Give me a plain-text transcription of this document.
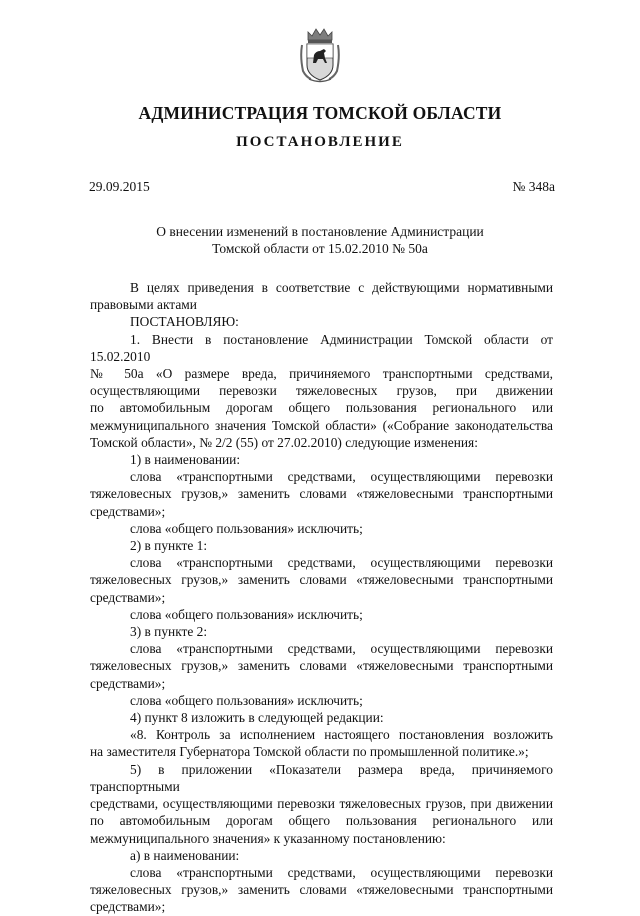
АДМИНИСТРАЦИЯ ТОМСКОЙ ОБЛАСТИ
ПОСТАНОВЛЕНИЕ
29.09.2015	№ 348а
О внесении изменений в постановление Администрации
Томской области от 15.02.2010 № 50а
В целях приведения в соответствие с действующими нормативными
правовыми актами
ПОСТАНОВЛЯЮ:
1. Внести в постановление Администрации Томской области от 15.02.2010
№ 50а «О размере вреда, причиняемого транспортными средствами,
осуществляющими перевозки тяжеловесных грузов, при движении
по автомобильным дорогам общего пользования регионального или
межмуниципального значения Томской области» («Собрание законодательства
Томской области», № 2/2 (55) от 27.02.2010) следующие изменения:
1) в наименовании:
слова «транспортными средствами, осуществляющими перевозки
тяжеловесных грузов,» заменить словами «тяжеловесными транспортными
средствами»;
слова «общего пользования» исключить;
2) в пункте 1:
слова «транспортными средствами, осуществляющими перевозки
тяжеловесных грузов,» заменить словами «тяжеловесными транспортными
средствами»;
слова «общего пользования» исключить;
3) в пункте 2:
слова «транспортными средствами, осуществляющими перевозки
тяжеловесных грузов,» заменить словами «тяжеловесными транспортными
средствами»;
слова «общего пользования» исключить;
4) пункт 8 изложить в следующей редакции:
«8. Контроль за исполнением настоящего постановления возложить
на заместителя Губернатора Томской области по промышленной политике.»;
5) в приложении «Показатели размера вреда, причиняемого транспортными
средствами, осуществляющими перевозки тяжеловесных грузов, при движении
по автомобильным дорогам общего пользования регионального или
межмуниципального значения» к указанному постановлению:
а) в наименовании:
слова «транспортными средствами, осуществляющими перевозки
тяжеловесных грузов,» заменить словами «тяжеловесными транспортными
средствами»;
